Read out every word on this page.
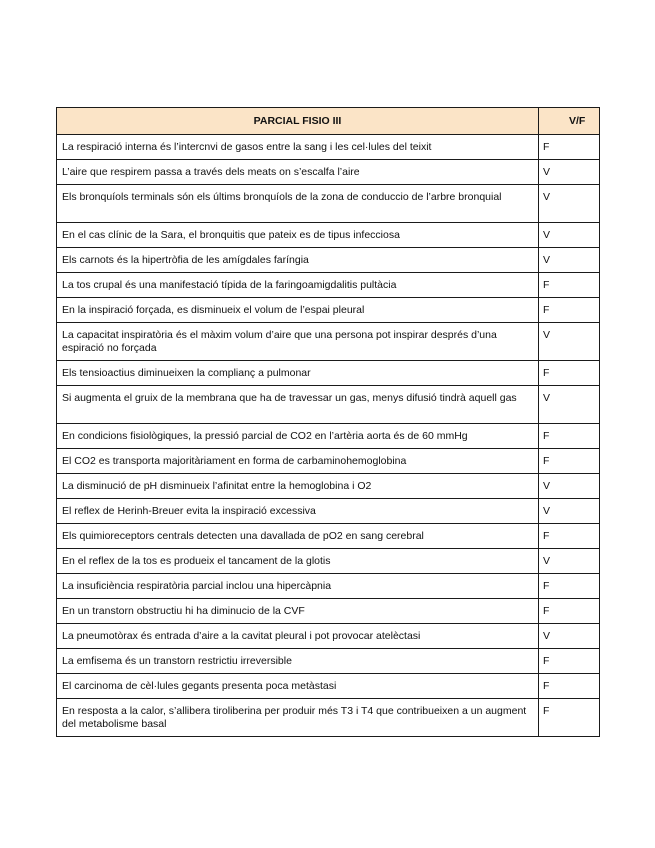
PARCIAL FISIO III	V/F
La respiració interna és l’intercnvi de gasos entre la sang i les cel·lules del teixit	F
L’aire que respirem passa a través dels meats on s’escalfa l’aire	V
Els bronquíols terminals són els últims bronquíols de la zona de conduccio de l’arbre bronquial	V
En el cas clínic de la Sara, el bronquitis que pateix es de tipus infecciosa	V
Els carnots és la hipertròfia de les amígdales faríngia	V
La tos crupal és una manifestació típida de la faringoamigdalitis pultàcia	F
En la inspiració forçada, es disminueix el volum de l’espai pleural	F
La capacitat inspiratòria és el màxim volum d’aire que una persona pot inspirar després d’una espiració no forçada	V
Els tensioactius diminueixen la complianç a pulmonar	F
Si augmenta el gruix de la membrana que ha de travessar un gas, menys difusió tindrà aquell gas	V
En condicions fisiològiques, la pressió parcial de CO2 en l’artèria aorta és de 60 mmHg	F
El CO2 es transporta majoritàriament en forma de carbaminohemoglobina	F
La disminució de pH disminueix l’afinitat entre la hemoglobina i O2	V
El reflex de Herinh-Breuer evita la inspiració excessiva	V
Els quimioreceptors centrals detecten una davallada de pO2 en sang cerebral	F
En el reflex de la tos es produeix el tancament de la glotis	V
La insuficiència respiratòria parcial inclou una hipercàpnia	F
En un transtorn obstructiu hi ha diminucio de la CVF	F
La pneumotòrax és entrada d’aire a la cavitat pleural i pot provocar atelèctasi	V
La emfisema és un transtorn restrictiu irreversible	F
El carcinoma de cèl·lules gegants presenta poca metàstasi	F
En resposta a la calor, s’allibera tiroliberina per produir més T3 i T4 que contribueixen a un augment del metabolisme basal	F
